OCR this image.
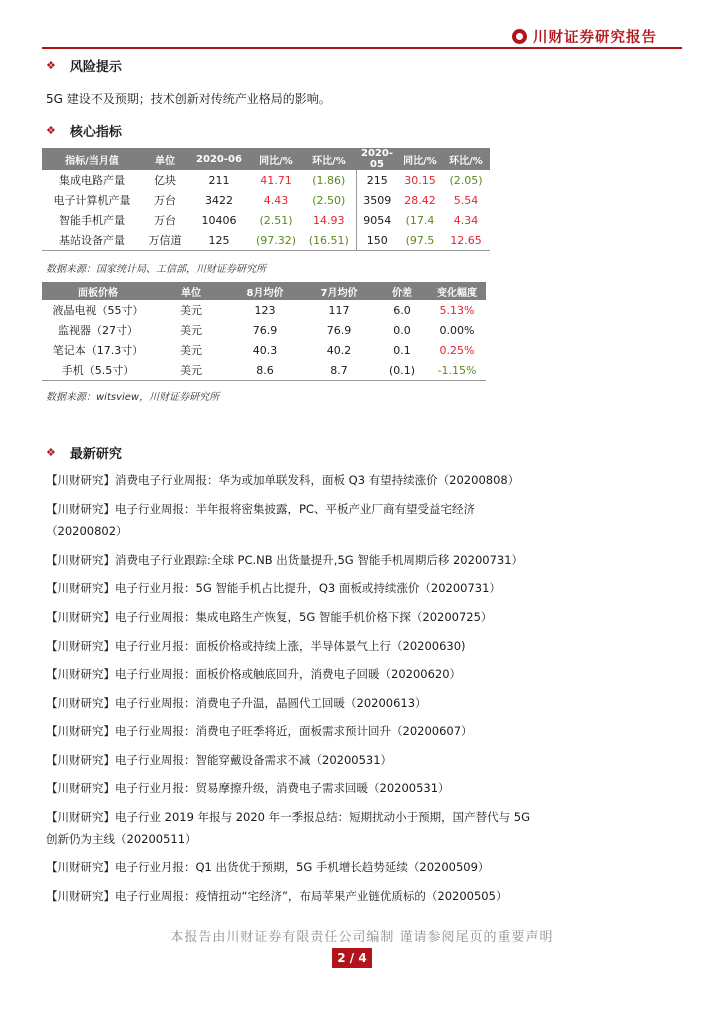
川财证券研究报告
❖ 风险提示
5G 建设不及预期；技术创新对传统产业格局的影响。
❖ 核心指标
指标/当月值	单位	2020-06	同比/%	环比/%	2020-05	同比/%	环比/%
集成电路产量	亿块	211	41.71	(1.86)	215	30.15	(2.05)
电子计算机产量	万台	3422	4.43	(2.50)	3509	28.42	5.54
智能手机产量	万台	10406	(2.51)	14.93	9054	(17.4	4.34
基站设备产量	万信道	125	(97.32)	(16.51)	150	(97.5	12.65
数据来源：国家统计局、工信部，川财证券研究所
面板价格	单位	8月均价	7月均价	价差	变化幅度
液晶电视（55寸）	美元	123	117	6.0	5.13%
监视器（27寸）	美元	76.9	76.9	0.0	0.00%
笔记本（17.3寸）	美元	40.3	40.2	0.1	0.25%
手机（5.5寸）	美元	8.6	8.7	(0.1)	-1.15%
数据来源：witsview，川财证券研究所
❖ 最新研究
【川财研究】消费电子行业周报：华为或加单联发科，面板 Q3 有望持续涨价（20200808）
【川财研究】电子行业周报：半年报将密集披露，PC、平板产业厂商有望受益宅经济
（20200802）
【川财研究】消费电子行业跟踪:全球 PC.NB 出货量提升,5G 智能手机周期后移 20200731）
【川财研究】电子行业月报：5G 智能手机占比提升，Q3 面板或持续涨价（20200731）
【川财研究】电子行业周报：集成电路生产恢复，5G 智能手机价格下探（20200725）
【川财研究】电子行业月报：面板价格或持续上涨，半导体景气上行（20200630)
【川财研究】电子行业周报：面板价格或触底回升，消费电子回暖（20200620）
【川财研究】电子行业周报：消费电子升温，晶圆代工回暖（20200613）
【川财研究】电子行业周报：消费电子旺季将近，面板需求预计回升（20200607）
【川财研究】电子行业周报：智能穿戴设备需求不减（20200531）
【川财研究】电子行业月报：贸易摩擦升级，消费电子需求回暖（20200531）
【川财研究】电子行业 2019 年报与 2020 年一季报总结：短期扰动小于预期，国产替代与 5G
创新仍为主线（20200511）
【川财研究】电子行业月报：Q1 出货优于预期，5G 手机增长趋势延续（20200509）
【川财研究】电子行业周报：疫情扭动“宅经济”，布局苹果产业链优质标的（20200505）
本报告由川财证券有限责任公司编制 谨请参阅尾页的重要声明
2 / 4
